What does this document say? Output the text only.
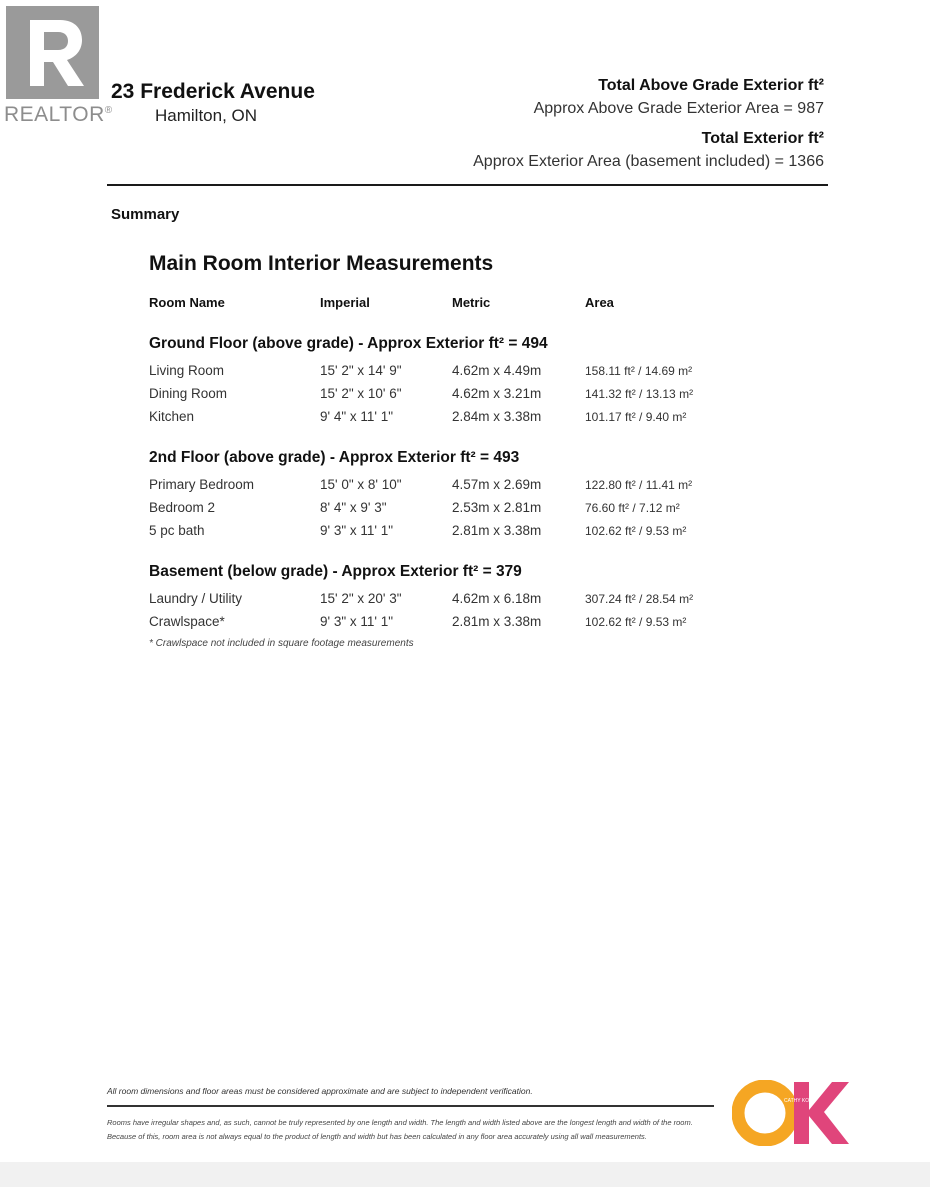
REALTOR®
23 Frederick Avenue
Hamilton, ON
Total Above Grade Exterior ft²
Approx Above Grade Exterior Area = 987
Total Exterior ft²
Approx Exterior Area (basement included) = 1366
Summary
Main Room Interior Measurements
Room Name	Imperial	Metric	Area
Ground Floor (above grade) - Approx Exterior ft² = 494
Living Room	15' 2" x 14' 9"	4.62m x 4.49m	158.11 ft² / 14.69 m²
Dining Room	15' 2" x 10' 6"	4.62m x 3.21m	141.32 ft² / 13.13 m²
Kitchen	9' 4" x 11' 1"	2.84m x 3.38m	101.17 ft² / 9.40 m²
2nd Floor (above grade) - Approx Exterior ft² = 493
Primary Bedroom	15' 0" x 8' 10"	4.57m x 2.69m	122.80 ft² / 11.41 m²
Bedroom 2	8' 4" x 9' 3"	2.53m x 2.81m	76.60 ft² / 7.12 m²
5 pc bath	9' 3" x 11' 1"	2.81m x 3.38m	102.62 ft² / 9.53 m²
Basement (below grade) - Approx Exterior ft² = 379
Laundry / Utility	15' 2" x 20' 3"	4.62m x 6.18m	307.24 ft² / 28.54 m²
Crawlspace*	9' 3" x 11' 1"	2.81m x 3.38m	102.62 ft² / 9.53 m²
* Crawlspace not included in square footage measurements
All room dimensions and floor areas must be considered approximate and are subject to independent verification.
Rooms have irregular shapes and, as such, cannot be truly represented by one length and width. The length and width listed above are the longest length and width of the room. Because of this, room area is not always equal to the product of length and width but has been calculated in any floor area accurately using all wall measurements.
CATHY KOOP
